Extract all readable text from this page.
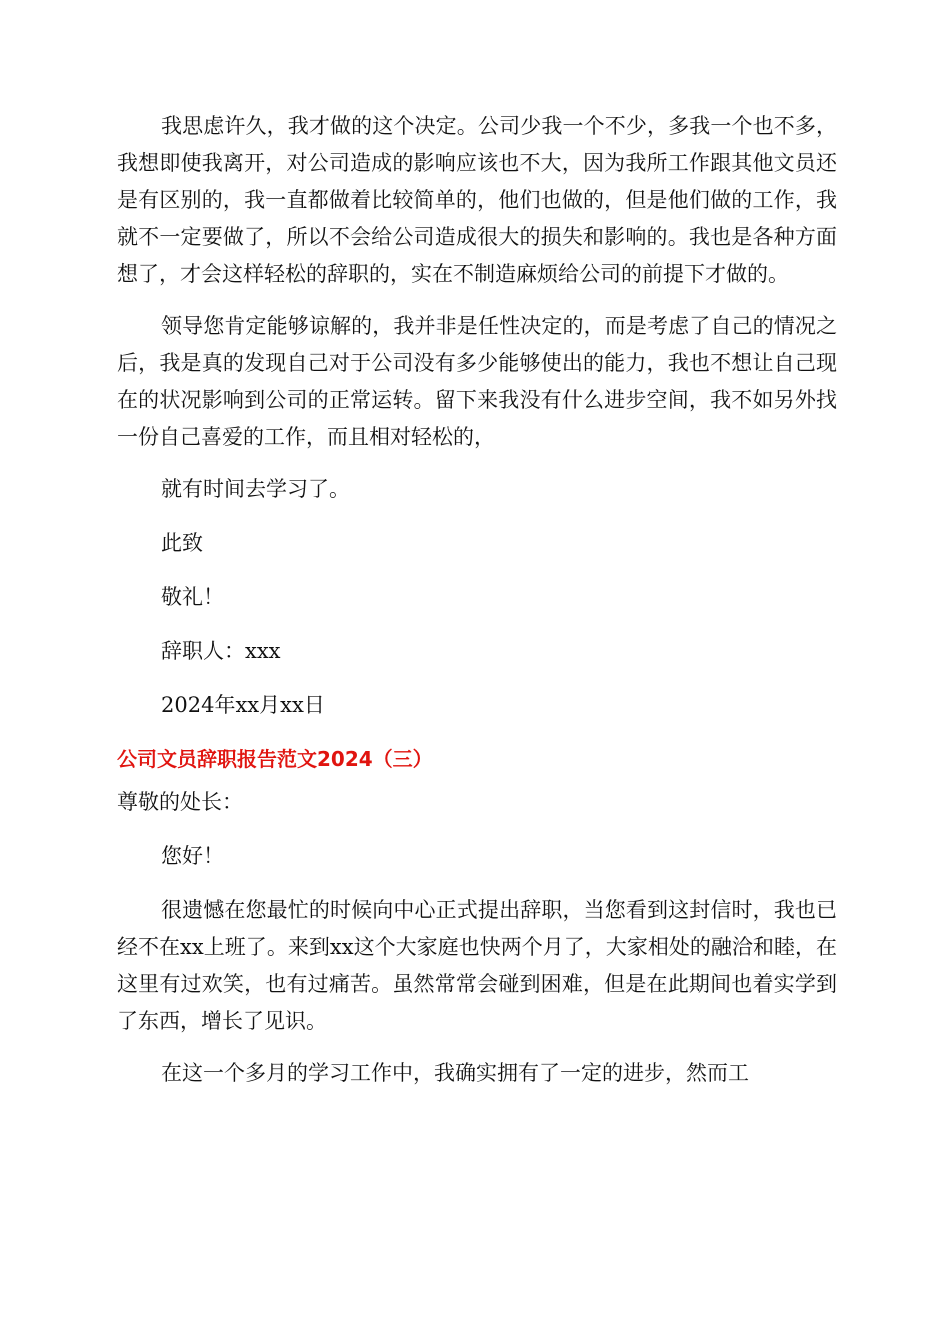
我思虑许久，我才做的这个决定。公司少我一个不少，多我一个也不多，我想即使我离开，对公司造成的影响应该也不大，因为我所工作跟其他文员还是有区别的，我一直都做着比较简单的，他们也做的，但是他们做的工作，我就不一定要做了，所以不会给公司造成很大的损失和影响的。我也是各种方面想了，才会这样轻松的辞职的，实在不制造麻烦给公司的前提下才做的。

领导您肯定能够谅解的，我并非是任性决定的，而是考虑了自己的情况之后，我是真的发现自己对于公司没有多少能够使出的能力，我也不想让自己现在的状况影响到公司的正常运转。留下来我没有什么进步空间，我不如另外找一份自己喜爱的工作，而且相对轻松的，

就有时间去学习了。

此致

敬礼！

辞职人：xxx

2024年xx月xx日

公司文员辞职报告范文2024（三）

尊敬的处长：

您好！

很遗憾在您最忙的时候向中心正式提出辞职，当您看到这封信时，我也已经不在xx上班了。来到xx这个大家庭也快两个月了，大家相处的融洽和睦，在这里有过欢笑，也有过痛苦。虽然常常会碰到困难，但是在此期间也着实学到了东西，增长了见识。

在这一个多月的学习工作中，我确实拥有了一定的进步，然而工
